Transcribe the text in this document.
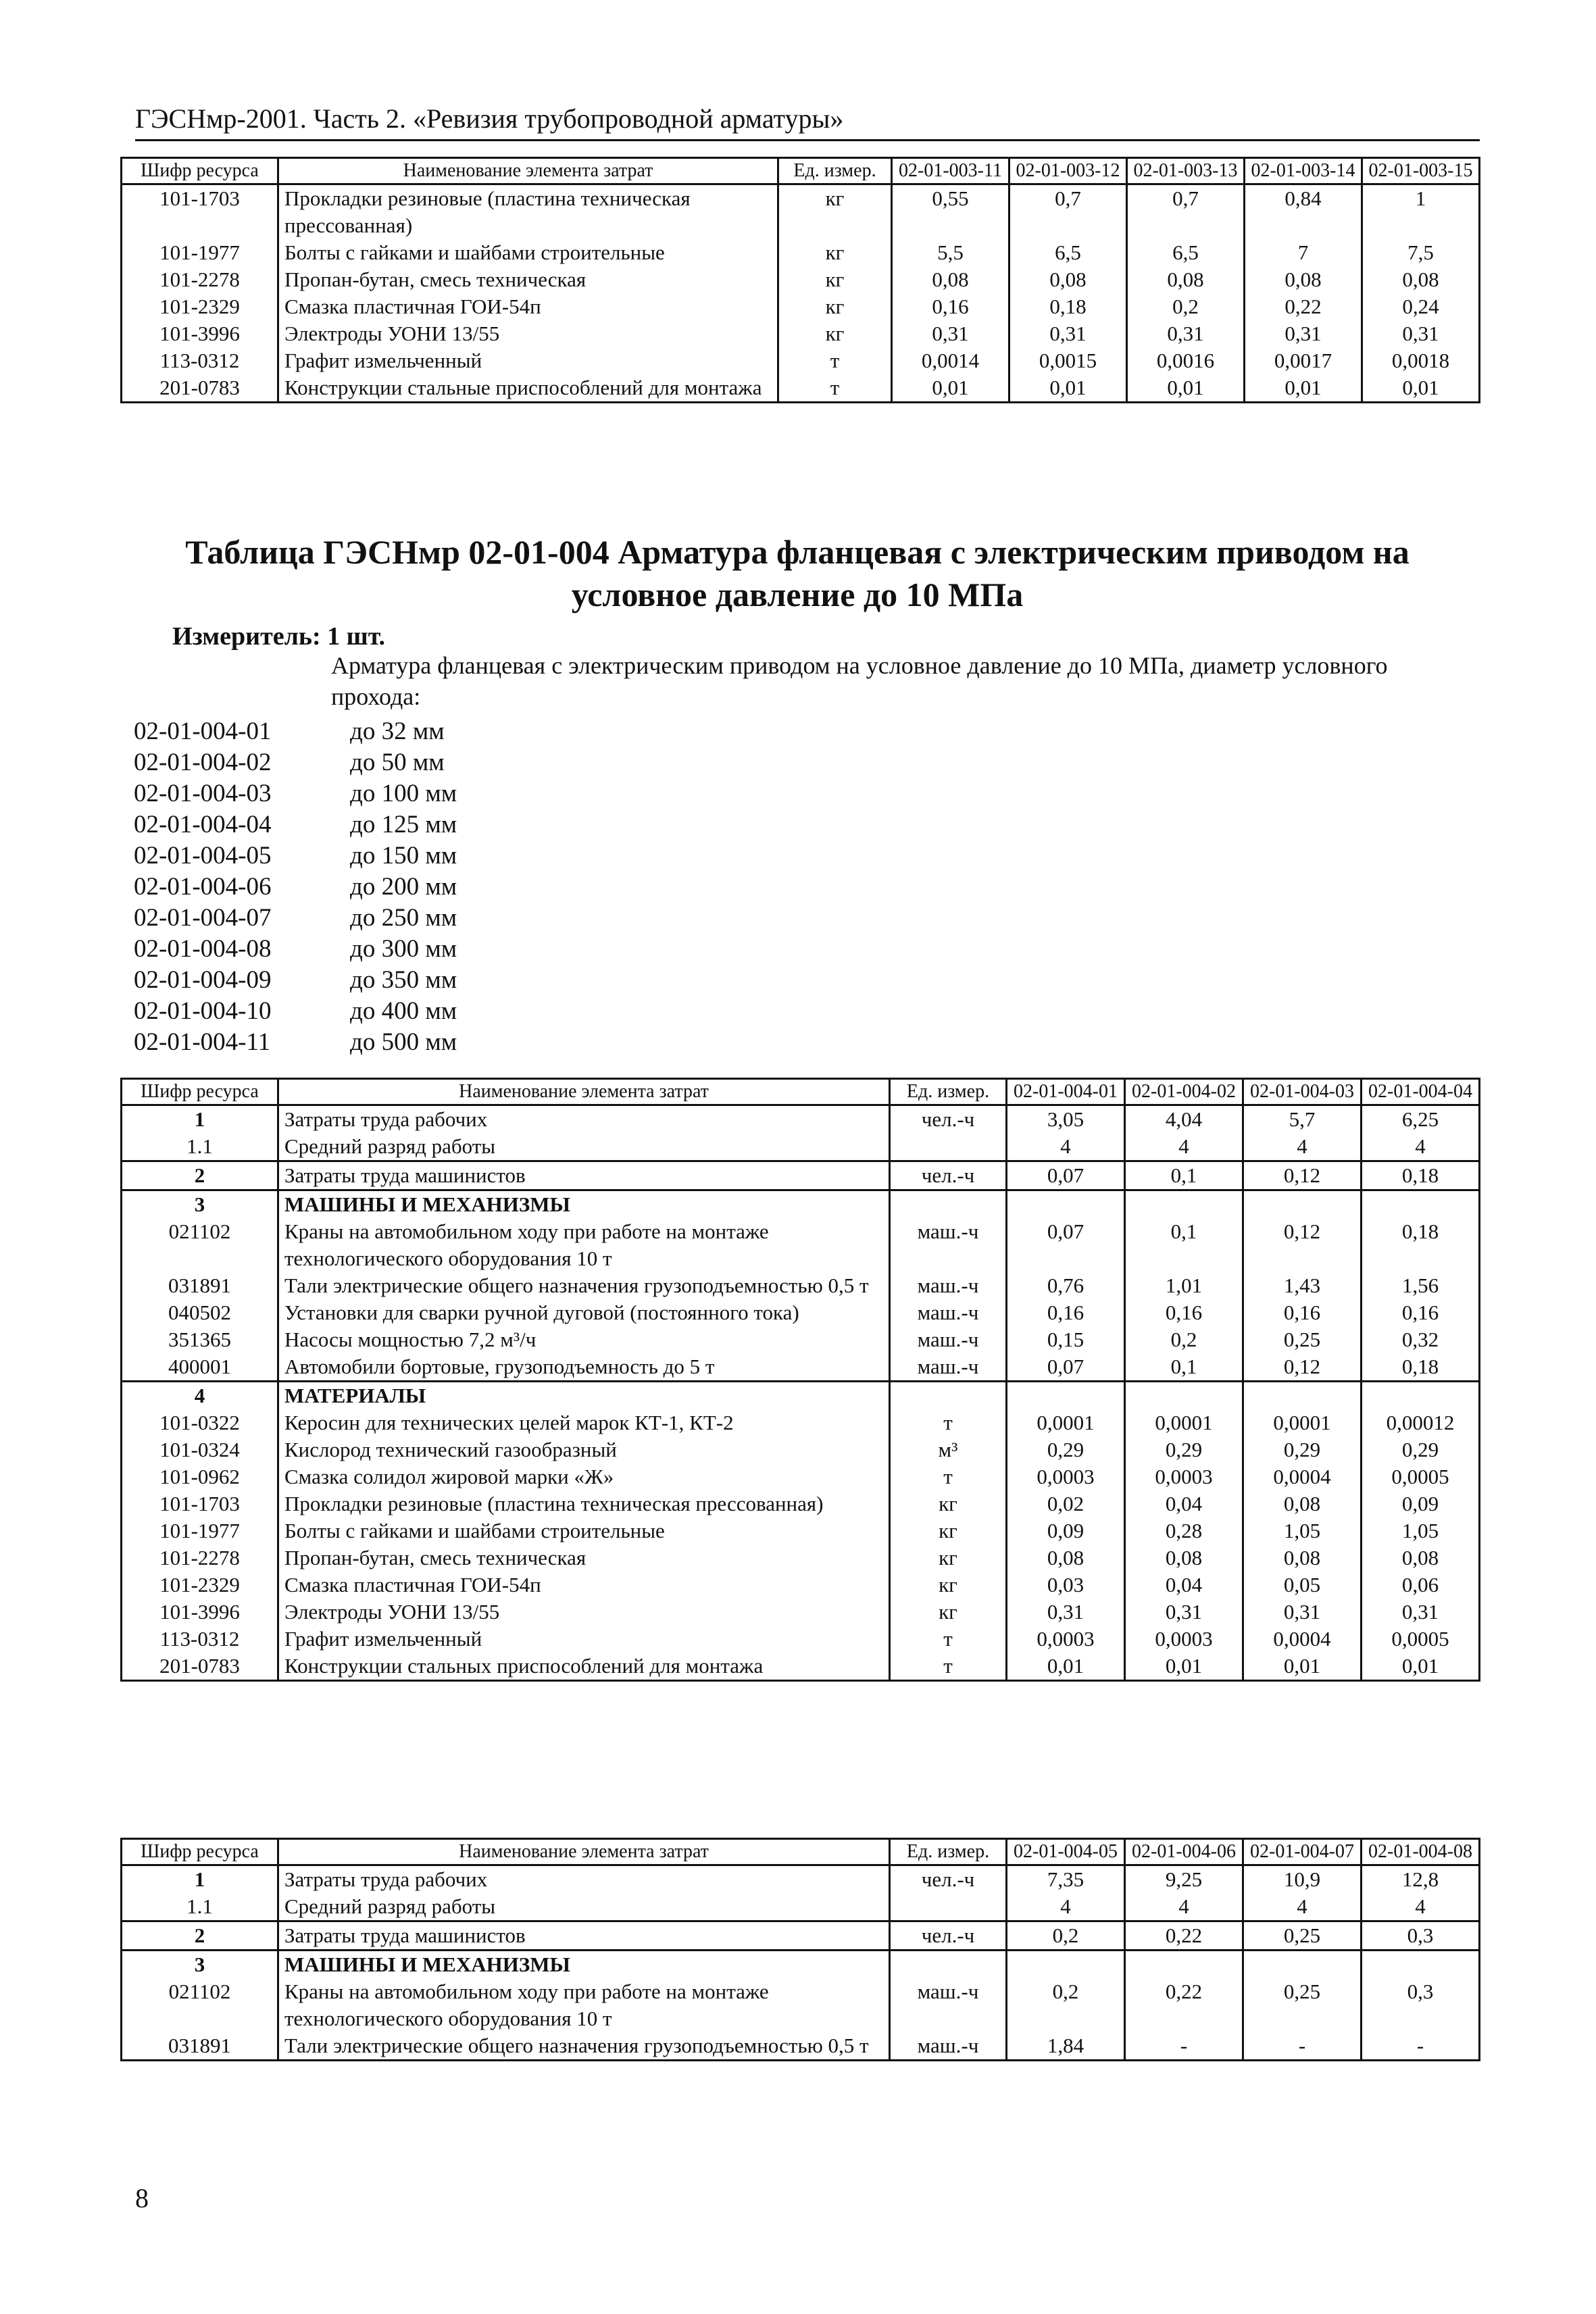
ГЭСНмр-2001. Часть 2. «Ревизия трубопроводной арматуры»
Шифр ресурса	Наименование элемента затрат	Ед. измер.	02-01-003-11	02-01-003-12	02-01-003-13	02-01-003-14	02-01-003-15
101-1703	Прокладки резиновые (пластина техническая прессованная)	кг	0,55	0,7	0,7	0,84	1
101-1977	Болты с гайками и шайбами строительные	кг	5,5	6,5	6,5	7	7,5
101-2278	Пропан-бутан, смесь техническая	кг	0,08	0,08	0,08	0,08	0,08
101-2329	Смазка пластичная ГОИ-54п	кг	0,16	0,18	0,2	0,22	0,24
101-3996	Электроды УОНИ 13/55	кг	0,31	0,31	0,31	0,31	0,31
113-0312	Графит измельченный	т	0,0014	0,0015	0,0016	0,0017	0,0018
201-0783	Конструкции стальные приспособлений для монтажа	т	0,01	0,01	0,01	0,01	0,01
Таблица ГЭСНмр 02-01-004 Арматура фланцевая с электрическим приводом на
условное давление до 10 МПа
Измеритель: 1 шт.
Арматура фланцевая с электрическим приводом на условное давление до 10 МПа, диаметр условного прохода:
02-01-004-01	до 32 мм
02-01-004-02	до 50 мм
02-01-004-03	до 100 мм
02-01-004-04	до 125 мм
02-01-004-05	до 150 мм
02-01-004-06	до 200 мм
02-01-004-07	до 250 мм
02-01-004-08	до 300 мм
02-01-004-09	до 350 мм
02-01-004-10	до 400 мм
02-01-004-11	до 500 мм
Шифр ресурса	Наименование элемента затрат	Ед. измер.	02-01-004-01	02-01-004-02	02-01-004-03	02-01-004-04
1	Затраты труда рабочих	чел.-ч	3,05	4,04	5,7	6,25
1.1	Средний разряд работы		4	4	4	4
2	Затраты труда машинистов	чел.-ч	0,07	0,1	0,12	0,18
3	МАШИНЫ И МЕХАНИЗМЫ					
021102	Краны на автомобильном ходу при работе на монтаже технологического оборудования 10 т	маш.-ч	0,07	0,1	0,12	0,18
031891	Тали электрические общего назначения грузоподъемностью 0,5 т	маш.-ч	0,76	1,01	1,43	1,56
040502	Установки для сварки ручной дуговой (постоянного тока)	маш.-ч	0,16	0,16	0,16	0,16
351365	Насосы мощностью 7,2 м³/ч	маш.-ч	0,15	0,2	0,25	0,32
400001	Автомобили бортовые, грузоподъемность до 5 т	маш.-ч	0,07	0,1	0,12	0,18
4	МАТЕРИАЛЫ					
101-0322	Керосин для технических целей марок КТ-1, КТ-2	т	0,0001	0,0001	0,0001	0,00012
101-0324	Кислород технический газообразный	м³	0,29	0,29	0,29	0,29
101-0962	Смазка солидол жировой марки «Ж»	т	0,0003	0,0003	0,0004	0,0005
101-1703	Прокладки резиновые (пластина техническая прессованная)	кг	0,02	0,04	0,08	0,09
101-1977	Болты с гайками и шайбами строительные	кг	0,09	0,28	1,05	1,05
101-2278	Пропан-бутан, смесь техническая	кг	0,08	0,08	0,08	0,08
101-2329	Смазка пластичная ГОИ-54п	кг	0,03	0,04	0,05	0,06
101-3996	Электроды УОНИ 13/55	кг	0,31	0,31	0,31	0,31
113-0312	Графит измельченный	т	0,0003	0,0003	0,0004	0,0005
201-0783	Конструкции стальных приспособлений для монтажа	т	0,01	0,01	0,01	0,01
Шифр ресурса	Наименование элемента затрат	Ед. измер.	02-01-004-05	02-01-004-06	02-01-004-07	02-01-004-08
1	Затраты труда рабочих	чел.-ч	7,35	9,25	10,9	12,8
1.1	Средний разряд работы		4	4	4	4
2	Затраты труда машинистов	чел.-ч	0,2	0,22	0,25	0,3
3	МАШИНЫ И МЕХАНИЗМЫ					
021102	Краны на автомобильном ходу при работе на монтаже технологического оборудования 10 т	маш.-ч	0,2	0,22	0,25	0,3
031891	Тали электрические общего назначения грузоподъемностью 0,5 т	маш.-ч	1,84	-	-	-
8
